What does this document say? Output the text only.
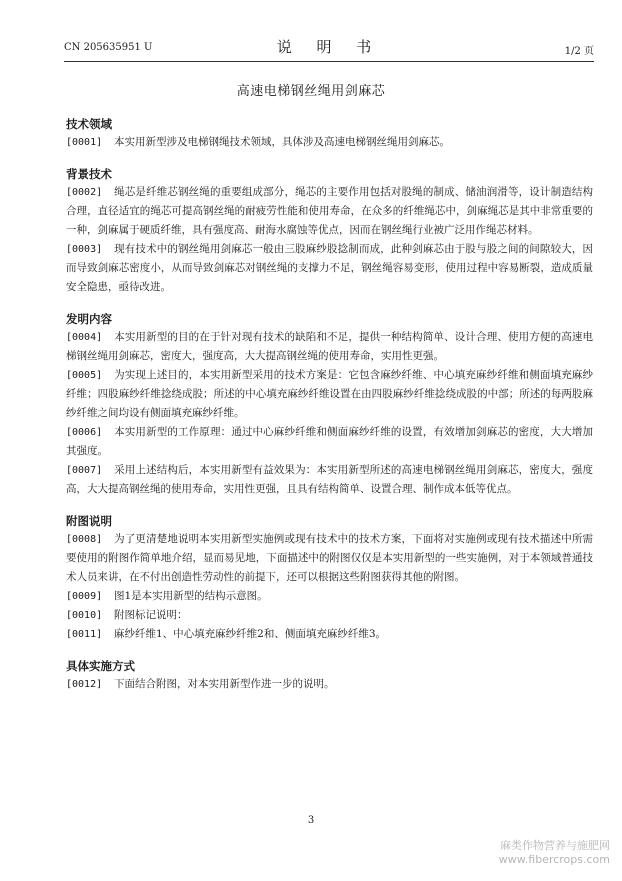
CN 205635951 U	说 明 书	1/2 页
高速电梯钢丝绳用剑麻芯
技术领域
[0001] 本实用新型涉及电梯钢绳技术领域，具体涉及高速电梯钢丝绳用剑麻芯。
背景技术
[0002] 绳芯是纤维芯钢丝绳的重要组成部分，绳芯的主要作用包括对股绳的制成、储油润滑等，设计制造结构合理，直径适宜的绳芯可提高钢丝绳的耐疲劳性能和使用寿命，在众多的纤维绳芯中，剑麻绳芯是其中非常重要的一种，剑麻属于硬质纤维，具有强度高、耐海水腐蚀等优点，因而在钢丝绳行业被广泛用作绳芯材料。
[0003] 现有技术中的钢丝绳用剑麻芯一般由三股麻纱股捻制而成，此种剑麻芯由于股与股之间的间隙较大，因而导致剑麻芯密度小，从而导致剑麻芯对钢丝绳的支撑力不足，钢丝绳容易变形，使用过程中容易断裂，造成质量安全隐患，亟待改进。
发明内容
[0004] 本实用新型的目的在于针对现有技术的缺陷和不足，提供一种结构简单、设计合理、使用方便的高速电梯钢丝绳用剑麻芯，密度大，强度高，大大提高钢丝绳的使用寿命，实用性更强。
[0005] 为实现上述目的，本实用新型采用的技术方案是：它包含麻纱纤维、中心填充麻纱纤维和侧面填充麻纱纤维；四股麻纱纤维捻绕成股；所述的中心填充麻纱纤维设置在由四股麻纱纤维捻绕成股的中部；所述的每两股麻纱纤维之间均设有侧面填充麻纱纤维。
[0006] 本实用新型的工作原理：通过中心麻纱纤维和侧面麻纱纤维的设置，有效增加剑麻芯的密度，大大增加其强度。
[0007] 采用上述结构后，本实用新型有益效果为：本实用新型所述的高速电梯钢丝绳用剑麻芯，密度大，强度高，大大提高钢丝绳的使用寿命，实用性更强，且具有结构简单、设置合理、制作成本低等优点。
附图说明
[0008] 为了更清楚地说明本实用新型实施例或现有技术中的技术方案，下面将对实施例或现有技术描述中所需要使用的附图作简单地介绍，显而易见地，下面描述中的附图仅仅是本实用新型的一些实施例，对于本领域普通技术人员来讲，在不付出创造性劳动性的前提下，还可以根据这些附图获得其他的附图。
[0009] 图1是本实用新型的结构示意图。
[0010] 附图标记说明：
[0011] 麻纱纤维1、中心填充麻纱纤维2和、侧面填充麻纱纤维3。
具体实施方式
[0012] 下面结合附图，对本实用新型作进一步的说明。
3
麻类作物营养与施肥网
www.fibercrops.com
